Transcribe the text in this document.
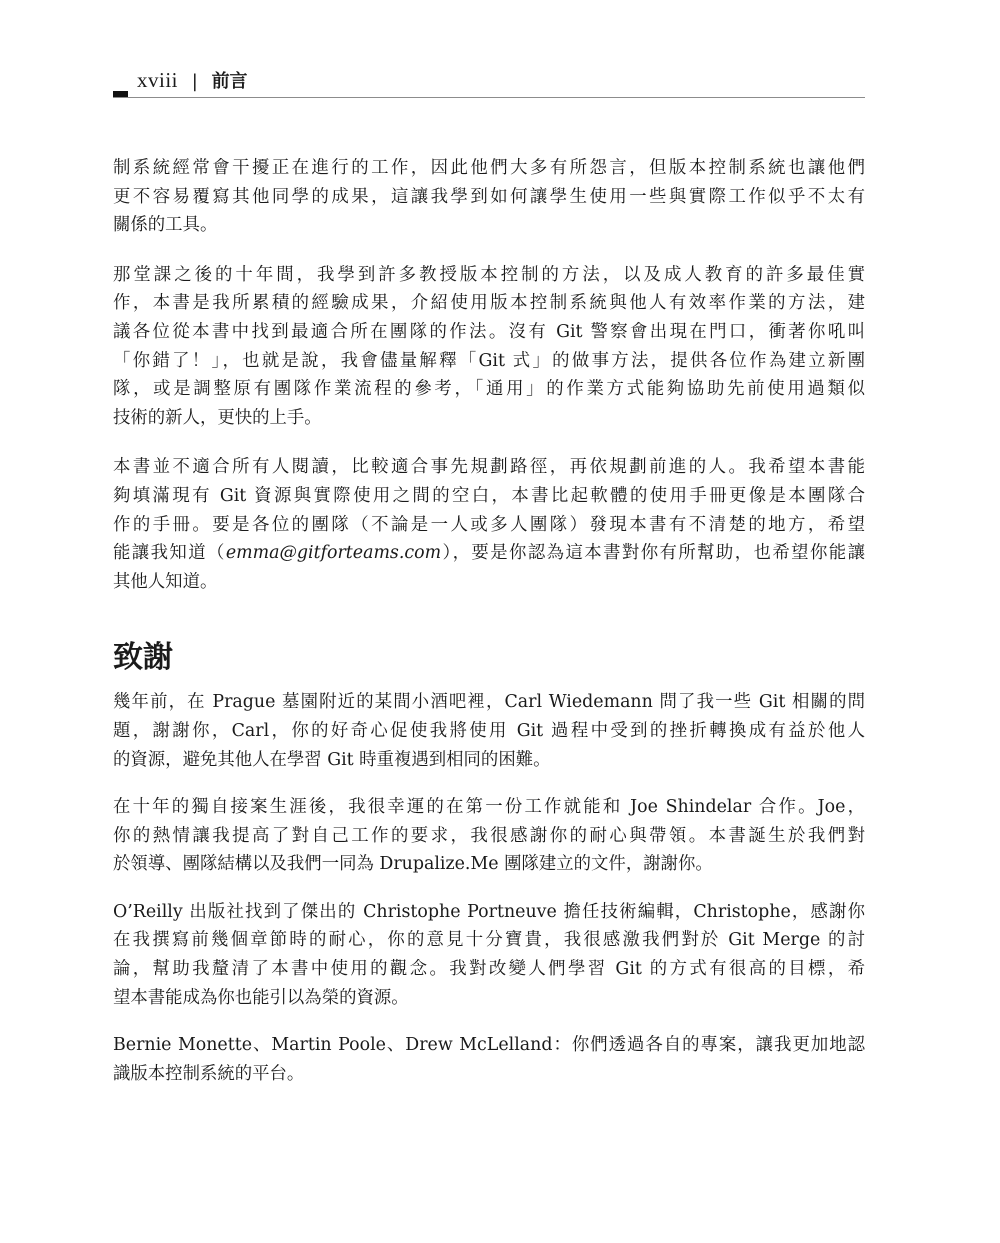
xviii | 前言

制系統經常會干擾正在進行的工作，因此他們大多有所怨言，但版本控制系統也讓他們
更不容易覆寫其他同學的成果，這讓我學到如何讓學生使用一些與實際工作似乎不太有
關係的工具。

那堂課之後的十年間，我學到許多教授版本控制的方法，以及成人教育的許多最佳實
作，本書是我所累積的經驗成果，介紹使用版本控制系統與他人有效率作業的方法，建
議各位從本書中找到最適合所在團隊的作法。沒有 Git 警察會出現在門口，衝著你吼叫
「你錯了！」，也就是說，我會儘量解釋「Git 式」的做事方法，提供各位作為建立新團
隊，或是調整原有團隊作業流程的參考，「通用」的作業方式能夠協助先前使用過類似
技術的新人，更快的上手。

本書並不適合所有人閱讀，比較適合事先規劃路徑，再依規劃前進的人。我希望本書能
夠填滿現有 Git 資源與實際使用之間的空白，本書比起軟體的使用手冊更像是本團隊合
作的手冊。要是各位的團隊（不論是一人或多人團隊）發現本書有不清楚的地方，希望
能讓我知道（emma@gitforteams.com），要是你認為這本書對你有所幫助，也希望你能讓
其他人知道。

致謝

幾年前，在 Prague 墓園附近的某間小酒吧裡，Carl Wiedemann 問了我一些 Git 相關的問
題，謝謝你，Carl，你的好奇心促使我將使用 Git 過程中受到的挫折轉換成有益於他人
的資源，避免其他人在學習 Git 時重複遇到相同的困難。

在十年的獨自接案生涯後，我很幸運的在第一份工作就能和 Joe Shindelar 合作。Joe，
你的熱情讓我提高了對自己工作的要求，我很感謝你的耐心與帶領。本書誕生於我們對
於領導、團隊結構以及我們一同為 Drupalize.Me 團隊建立的文件，謝謝你。

O’Reilly 出版社找到了傑出的 Christophe Portneuve 擔任技術編輯，Christophe，感謝你
在我撰寫前幾個章節時的耐心，你的意見十分寶貴，我很感激我們對於 Git Merge 的討
論，幫助我釐清了本書中使用的觀念。我對改變人們學習 Git 的方式有很高的目標，希
望本書能成為你也能引以為榮的資源。

Bernie Monette、Martin Poole、Drew McLelland：你們透過各自的專案，讓我更加地認
識版本控制系統的平台。
